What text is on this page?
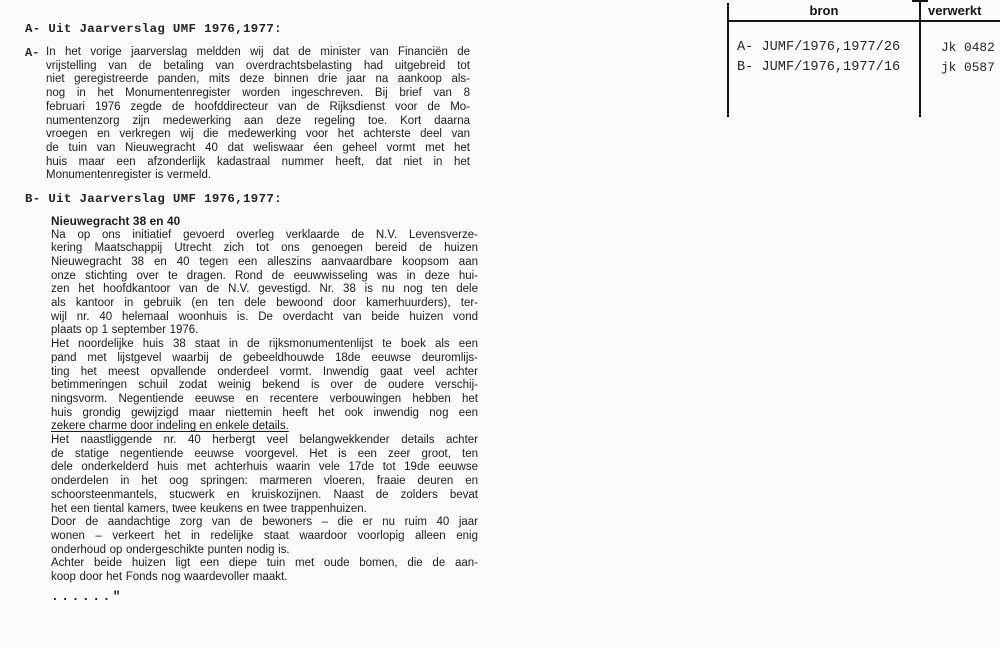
A- Uit Jaarverslag UMF 1976,1977:
A- In het vorige jaarverslag meldden wij dat de minister van Financiën de
vrijstelling van de betaling van overdrachtsbelasting had uitgebreid tot
niet geregistreerde panden, mits deze binnen drie jaar na aankoop als-
nog in het Monumentenregister worden ingeschreven. Bij brief van 8
februari 1976 zegde de hoofddirecteur van de Rijksdienst voor de Mo-
numentenzorg zijn medewerking aan deze regeling toe. Kort daarna
vroegen en verkregen wij die medewerking voor het achterste deel van
de tuin van Nieuwegracht 40 dat weliswaar éen geheel vormt met het
huis maar een afzonderlijk kadastraal nummer heeft, dat niet in het
Monumentenregister is vermeld.
B- Uit Jaarverslag UMF 1976,1977:
Nieuwegracht 38 en 40
Na op ons initiatief gevoerd overleg verklaarde de N.V. Levensverze-
kering Maatschappij Utrecht zich tot ons genoegen bereid de huizen
Nieuwegracht 38 en 40 tegen een alleszins aanvaardbare koopsom aan
onze stichting over te dragen. Rond de eeuwwisseling was in deze hui-
zen het hoofdkantoor van de N.V. gevestigd. Nr. 38 is nu nog ten dele
als kantoor in gebruik (en ten dele bewoond door kamerhuurders), ter-
wijl nr. 40 helemaal woonhuis is. De overdacht van beide huizen vond
plaats op 1 september 1976.
Het noordelijke huis 38 staat in de rijksmonumentenlijst te boek als een
pand met lijstgevel waarbij de gebeeldhouwde 18de eeuwse deuromlijs-
ting het meest opvallende onderdeel vormt. Inwendig gaat veel achter
betimmeringen schuil zodat weinig bekend is over de oudere verschij-
ningsvorm. Negentiende eeuwse en recentere verbouwingen hebben het
huis grondig gewijzigd maar niettemin heeft het ook inwendig nog een
zekere charme door indeling en enkele details.
Het naastliggende nr. 40 herbergt veel belangwekkender details achter
de statige negentiende eeuwse voorgevel. Het is een zeer groot, ten
dele onderkelderd huis met achterhuis waarin vele 17de tot 19de eeuwse
onderdelen in het oog springen: marmeren vloeren, fraaie deuren en
schoorsteenmantels, stucwerk en kruiskozijnen. Naast de zolders bevat
het een tiental kamers, twee keukens en twee trappenhuizen.
Door de aandachtige zorg van de bewoners – die er nu ruim 40 jaar
wonen – verkeert het in redelijke staat waardoor voorlopig alleen enig
onderhoud op ondergeschikte punten nodig is.
Achter beide huizen ligt een diepe tuin met oude bomen, die de aan-
koop door het Fonds nog waardevoller maakt.
......"
bron	verwerkt
A- JUMF/1976,1977/26	Jk 0482
B- JUMF/1976,1977/16	jk 0587
